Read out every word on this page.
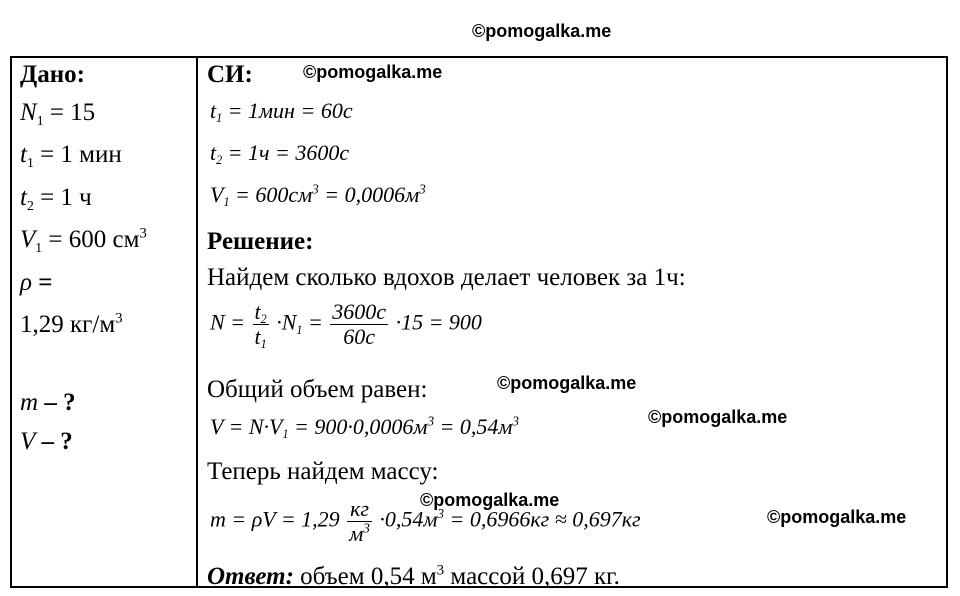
©pomogalka.me
©pomogalka.me
©pomogalka.me
©pomogalka.me
©pomogalka.me
©pomogalka.me
Дано:
$N_1 = 15$
$t_1 = 1$ мин
$t_2 = 1$ ч
$V_1 = 600$ $см^3$
ρ =
1,29 $кг/м^3$
m – ?
V – ?
СИ:
$t_1 = 1мин = 60с$
$t_2 = 1ч = 3600с$
$V_1 = 600см^3 = 0,0006м^3$
Решение:
Найдем сколько вдохов делает человек за 1ч:
$N = \frac{t_2}{t_1} \cdot N_1 = \frac{3600с}{60с} \cdot 15 = 900$
Общий объем равен:
$V = N\cdot V_1 = 900\cdot 0,0006м^3 = 0,54м^3$
Теперь найдем массу:
$m = \rho V = 1,29 \frac{кг}{м^3} \cdot 0,54м^3 = 0,6966кг \approx 0,697кг$
Ответ: объем 0,54 $м^3$ массой 0,697 кг.
